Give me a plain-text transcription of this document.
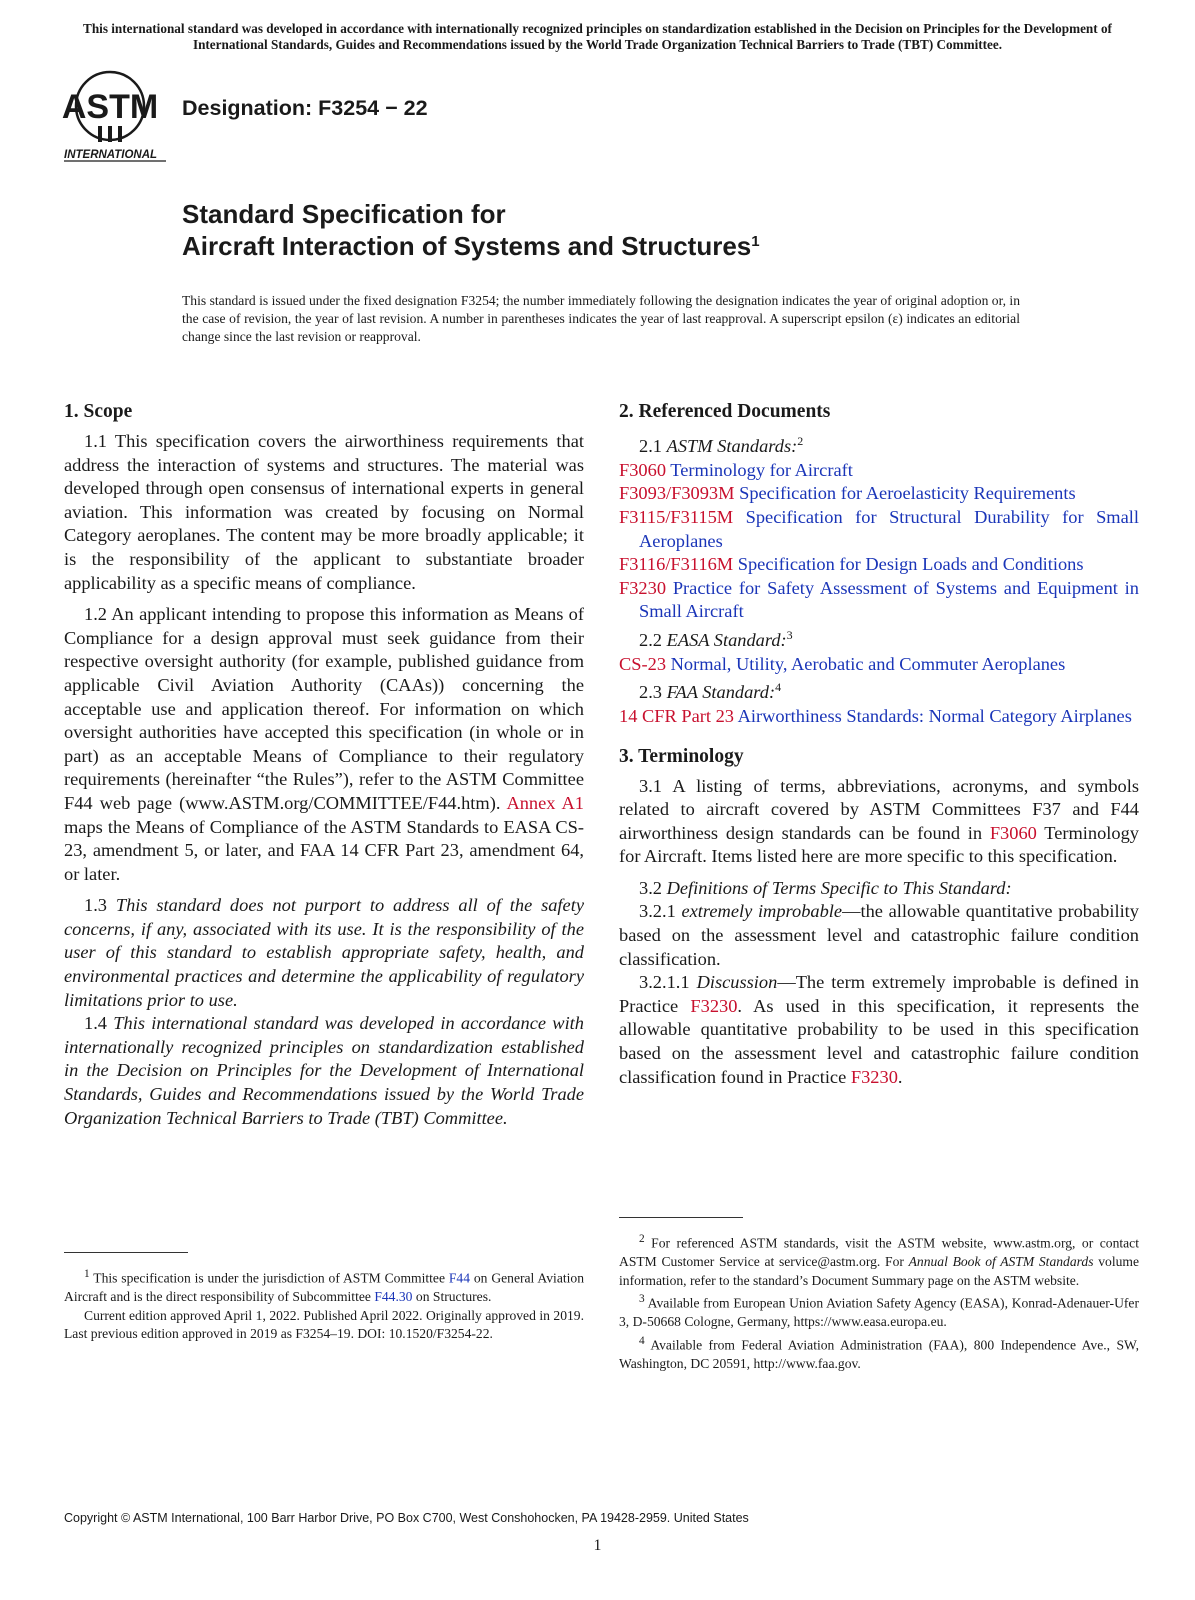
This international standard was developed in accordance with internationally recognized principles on standardization established in the Decision on Principles for the Development of International Standards, Guides and Recommendations issued by the World Trade Organization Technical Barriers to Trade (TBT) Committee.
ASTM
INTERNATIONAL
Designation: F3254 − 22
Standard Specification for
Aircraft Interaction of Systems and Structures$^1$
This standard is issued under the fixed designation F3254; the number immediately following the designation indicates the year of original adoption or, in the case of revision, the year of last revision. A number in parentheses indicates the year of last reapproval. A superscript epsilon (ε) indicates an editorial change since the last revision or reapproval.
1. Scope

1.1 This specification covers the airworthiness requirements that address the interaction of systems and structures. The material was developed through open consensus of international experts in general aviation. This information was created by focusing on Normal Category aeroplanes. The content may be more broadly applicable; it is the responsibility of the applicant to substantiate broader applicability as a specific means of compliance.

1.2 An applicant intending to propose this information as Means of Compliance for a design approval must seek guidance from their respective oversight authority (for example, published guidance from applicable Civil Aviation Authority (CAAs)) concerning the acceptable use and application thereof. For information on which oversight authorities have accepted this specification (in whole or in part) as an acceptable Means of Compliance to their regulatory requirements (hereinafter “the Rules”), refer to the ASTM Committee F44 web page (www.ASTM.org/COMMITTEE/F44.htm). Annex A1 maps the Means of Compliance of the ASTM Standards to EASA CS-23, amendment 5, or later, and FAA 14 CFR Part 23, amendment 64, or later.

1.3 This standard does not purport to address all of the safety concerns, if any, associated with its use. It is the responsibility of the user of this standard to establish appropriate safety, health, and environmental practices and determine the applicability of regulatory limitations prior to use.

1.4 This international standard was developed in accordance with internationally recognized principles on standardization established in the Decision on Principles for the Development of International Standards, Guides and Recommendations issued by the World Trade Organization Technical Barriers to Trade (TBT) Committee.

$^1$ This specification is under the jurisdiction of ASTM Committee F44 on General Aviation Aircraft and is the direct responsibility of Subcommittee F44.30 on Structures.

Current edition approved April 1, 2022. Published April 2022. Originally approved in 2019. Last previous edition approved in 2019 as F3254–19. DOI: 10.1520/F3254-22.

2. Referenced Documents

2.1 ASTM Standards:$^2$

F3060 Terminology for Aircraft

F3093/F3093M Specification for Aeroelasticity Requirements

F3115/F3115M Specification for Structural Durability for Small Aeroplanes

F3116/F3116M Specification for Design Loads and Conditions

F3230 Practice for Safety Assessment of Systems and Equipment in Small Aircraft

2.2 EASA Standard:$^3$

CS-23 Normal, Utility, Aerobatic and Commuter Aeroplanes

2.3 FAA Standard:$^4$

14 CFR Part 23 Airworthiness Standards: Normal Category Airplanes

3. Terminology

3.1 A listing of terms, abbreviations, acronyms, and symbols related to aircraft covered by ASTM Committees F37 and F44 airworthiness design standards can be found in F3060 Terminology for Aircraft. Items listed here are more specific to this specification.

3.2 Definitions of Terms Specific to This Standard:

3.2.1 extremely improbable—the allowable quantitative probability based on the assessment level and catastrophic failure condition classification.

3.2.1.1 Discussion—The term extremely improbable is defined in Practice F3230. As used in this specification, it represents the allowable quantitative probability to be used in this specification based on the assessment level and catastrophic failure condition classification found in Practice F3230.

$^2$ For referenced ASTM standards, visit the ASTM website, www.astm.org, or contact ASTM Customer Service at service@astm.org. For Annual Book of ASTM Standards volume information, refer to the standard’s Document Summary page on the ASTM website.

$^3$ Available from European Union Aviation Safety Agency (EASA), Konrad-Adenauer-Ufer 3, D-50668 Cologne, Germany, https://www.easa.europa.eu.

$^4$ Available from Federal Aviation Administration (FAA), 800 Independence Ave., SW, Washington, DC 20591, http://www.faa.gov.

Copyright © ASTM International, 100 Barr Harbor Drive, PO Box C700, West Conshohocken, PA 19428-2959. United States
1
